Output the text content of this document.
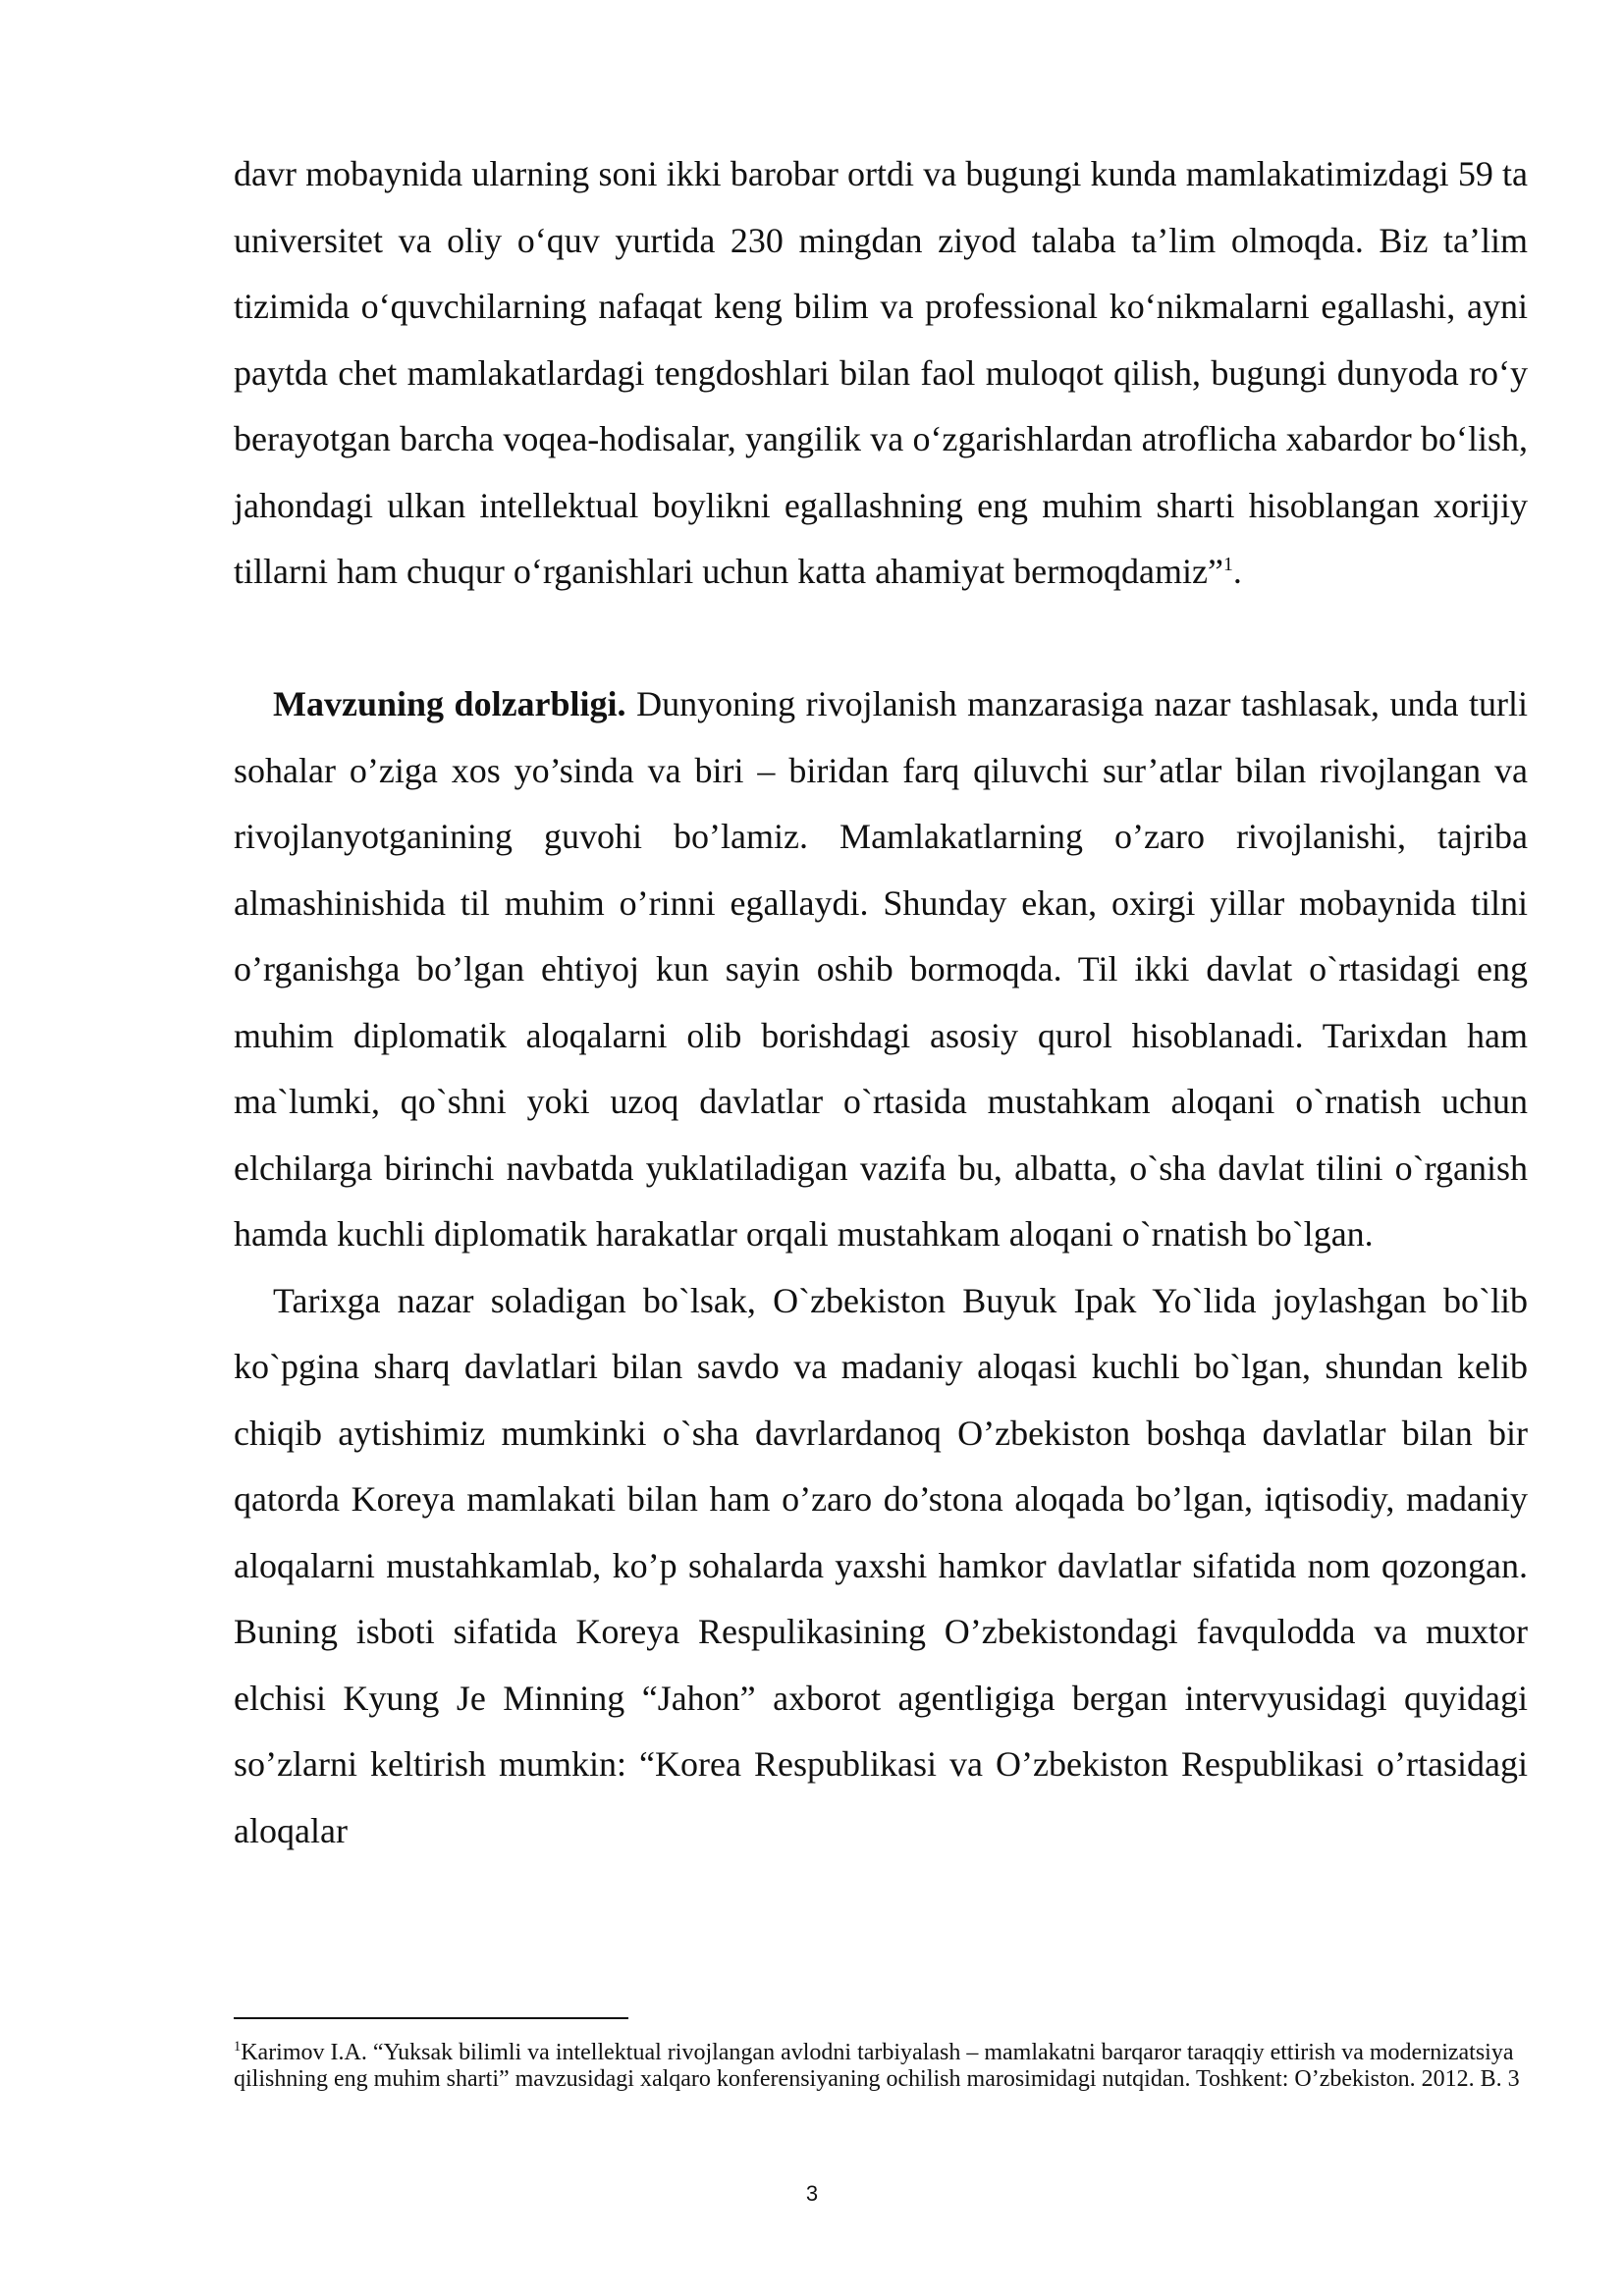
davr mobaynida ularning soni ikki barobar ortdi va bugungi kunda mamlakatimizdagi 59 ta universitet va oliy o‘quv yurtida 230 mingdan ziyod talaba ta’lim olmoqda. Biz ta’lim tizimida o‘quvchilarning nafaqat keng bilim va professional ko‘nikmalarni egallashi, ayni paytda chet mamlakatlardagi tengdoshlari bilan faol muloqot qilish, bugungi dunyoda ro‘y berayotgan barcha voqea-hodisalar, yangilik va o‘zgarishlardan atroflicha xabardor bo‘lish, jahondagi ulkan intellektual boylikni egallashning eng muhim sharti hisoblangan xorijiy tillarni ham chuqur o‘rganishlari uchun katta ahamiyat bermoqdamiz”$^1$.

Mavzuning dolzarbligi. Dunyoning rivojlanish manzarasiga nazar tashlasak, unda turli sohalar o’ziga xos yo’sinda va biri – biridan farq qiluvchi sur’atlar bilan rivojlangan va rivojlanyotganining guvohi bo’lamiz. Mamlakatlarning o’zaro rivojlanishi, tajriba almashinishida til muhim o’rinni egallaydi. Shunday ekan, oxirgi yillar mobaynida tilni o’rganishga bo’lgan ehtiyoj kun sayin oshib bormoqda. Til ikki davlat o`rtasidagi eng muhim diplomatik aloqalarni olib borishdagi asosiy qurol hisoblanadi. Tarixdan ham ma`lumki, qo`shni yoki uzoq davlatlar o`rtasida mustahkam aloqani o`rnatish uchun elchilarga birinchi navbatda yuklatiladigan vazifa bu, albatta, o`sha davlat tilini o`rganish hamda kuchli diplomatik harakatlar orqali mustahkam aloqani o`rnatish bo`lgan.

Tarixga nazar soladigan bo`lsak, O`zbekiston Buyuk Ipak Yo`lida joylashgan bo`lib ko`pgina sharq davlatlari bilan savdo va madaniy aloqasi kuchli bo`lgan, shundan kelib chiqib aytishimiz mumkinki o`sha davrlardanoq O’zbekiston boshqa davlatlar bilan bir qatorda Koreya mamlakati bilan ham o’zaro do’stona aloqada bo’lgan, iqtisodiy, madaniy aloqalarni mustahkamlab, ko’p sohalarda yaxshi hamkor davlatlar sifatida nom qozongan. Buning isboti sifatida Koreya Respulikasining O’zbekistondagi favqulodda va muxtor elchisi Kyung Je Minning “Jahon” axborot agentligiga bergan intervyusidagi quyidagi so’zlarni keltirish mumkin: “Korea Respublikasi va O’zbekiston Respublikasi o’rtasidagi aloqalar

$^1$Karimov I.A. “Yuksak bilimli va intellektual rivojlangan avlodni tarbiyalash – mamlakatni barqaror taraqqiy ettirish va modernizatsiya qilishning eng muhim sharti” mavzusidagi xalqaro konferensiyaning ochilish marosimidagi nutqidan. Toshkent: O’zbekiston. 2012. B. 3
3
